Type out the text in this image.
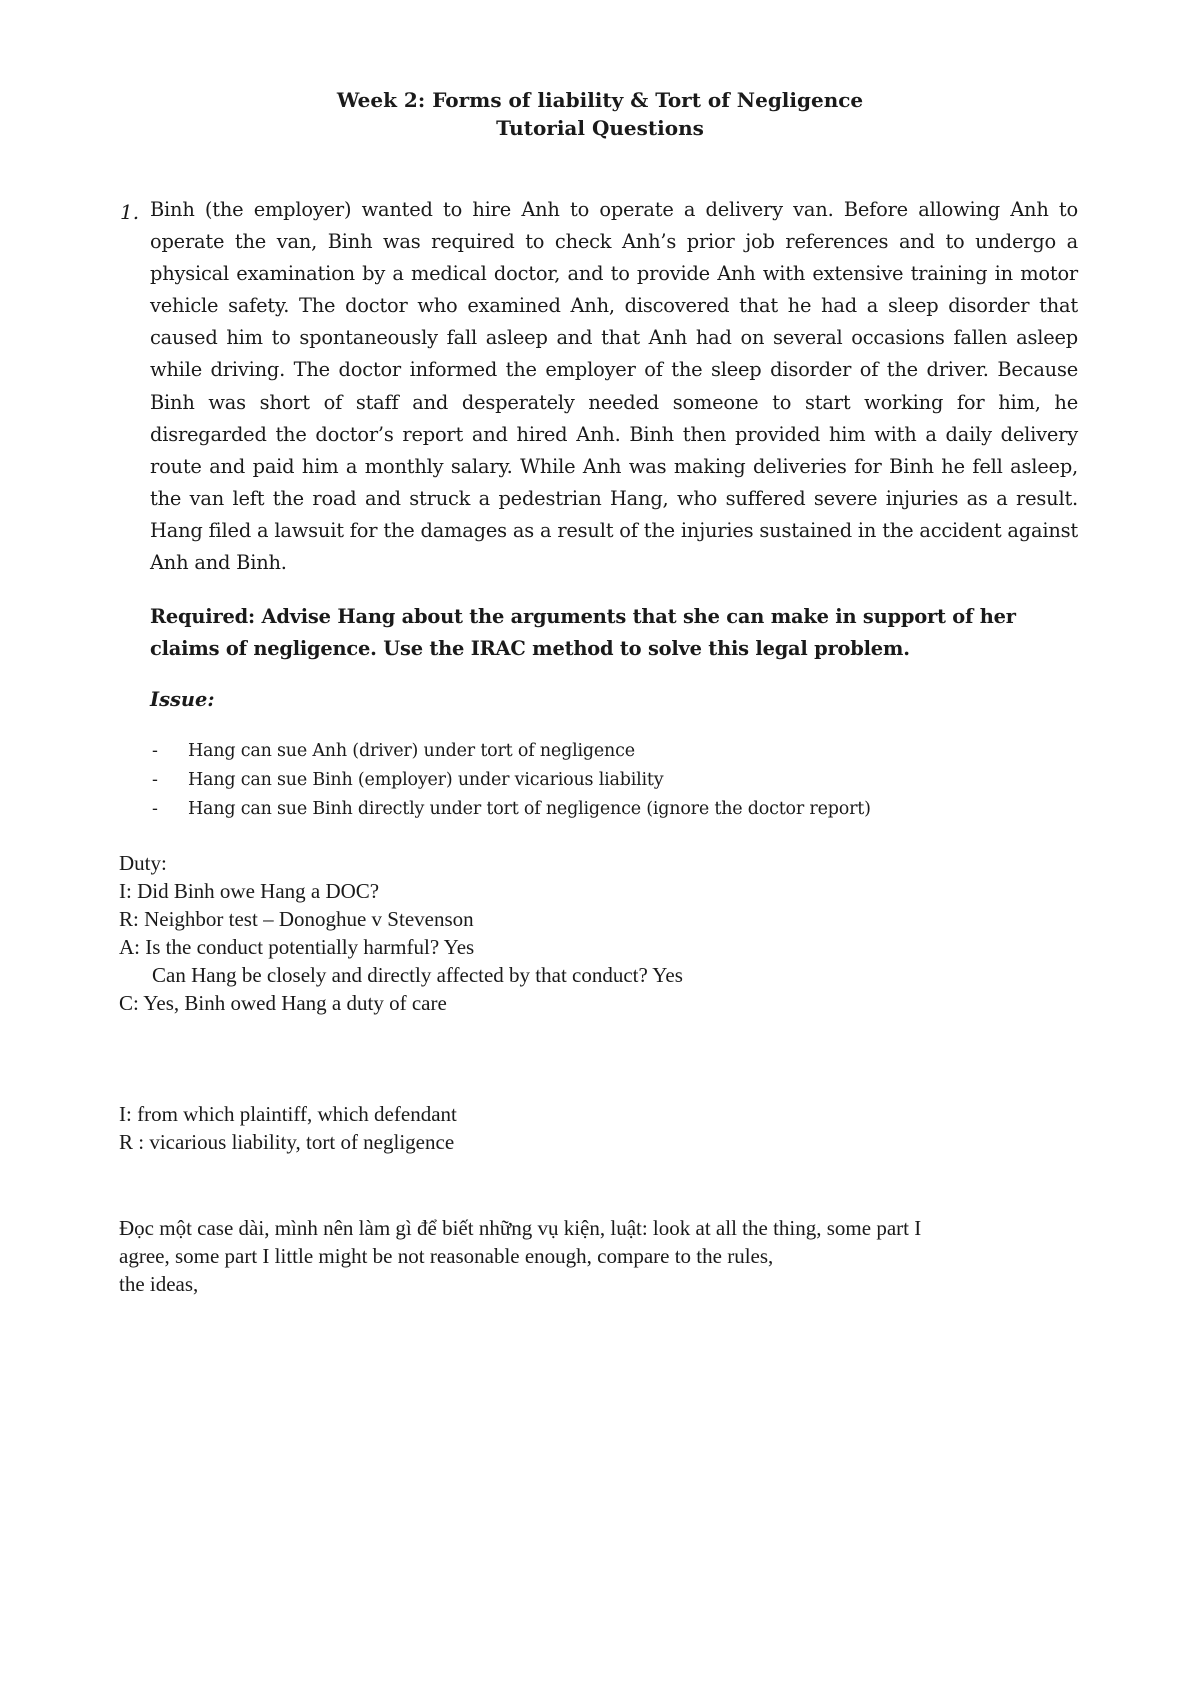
Week 2: Forms of liability & Tort of Negligence
Tutorial Questions
1. Binh (the employer) wanted to hire Anh to operate a delivery van. Before allowing Anh to operate the van, Binh was required to check Anh’s prior job references and to undergo a physical examination by a medical doctor, and to provide Anh with extensive training in motor vehicle safety. The doctor who examined Anh, discovered that he had a sleep disorder that caused him to spontaneously fall asleep and that Anh had on several occasions fallen asleep while driving. The doctor informed the employer of the sleep disorder of the driver. Because Binh was short of staff and desperately needed someone to start working for him, he disregarded the doctor’s report and hired Anh. Binh then provided him with a daily delivery route and paid him a monthly salary. While Anh was making deliveries for Binh he fell asleep, the van left the road and struck a pedestrian Hang, who suffered severe injuries as a result. Hang filed a lawsuit for the damages as a result of the injuries sustained in the accident against Anh and Binh.
Required: Advise Hang about the arguments that she can make in support of her claims of negligence. Use the IRAC method to solve this legal problem.
Issue:
- Hang can sue Anh (driver) under tort of negligence
- Hang can sue Binh (employer) under vicarious liability
- Hang can sue Binh directly under tort of negligence (ignore the doctor report)
Duty:
I: Did Binh owe Hang a DOC?
R: Neighbor test – Donoghue v Stevenson
A: Is the conduct potentially harmful? Yes
Can Hang be closely and directly affected by that conduct? Yes
C: Yes, Binh owed Hang a duty of care
I: from which plaintiff, which defendant
R : vicarious liability, tort of negligence
Đọc một case dài, mình nên làm gì để biết những vụ kiện, luật: look at all the thing, some part I
agree, some part I little might be not reasonable enough, compare to the rules,
the ideas,
